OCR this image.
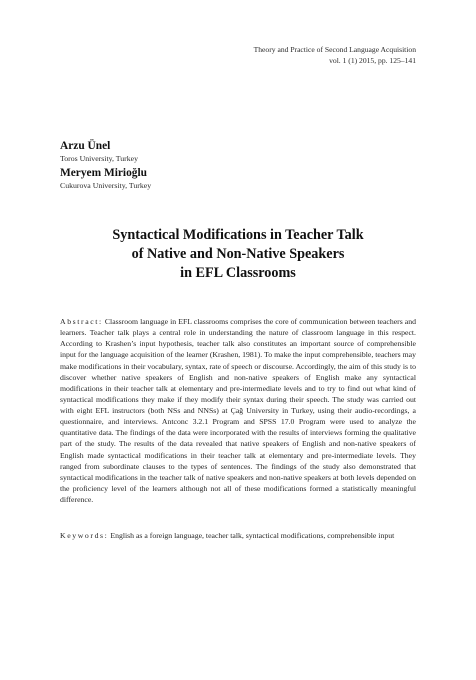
Theory and Practice of Second Language Acquisition
vol. 1 (1) 2015, pp. 125–141
Arzu Ünel
Toros University, Turkey
Meryem Mirioğlu
Cukurova University, Turkey
Syntactical Modifications in Teacher Talk
of Native and Non-Native Speakers
in EFL Classrooms
Abstract: Classroom language in EFL classrooms comprises the core of communication between teachers and learners. Teacher talk plays a central role in understanding the nature of classroom language in this respect. According to Krashen’s input hypothesis, teacher talk also constitutes an important source of comprehensible input for the language acquisition of the learner (Krashen, 1981). To make the input comprehensible, teachers may make modifications in their vocabulary, syntax, rate of speech or discourse. Accordingly, the aim of this study is to discover whether native speakers of English and non-native speakers of English make any syntactical modifications in their teacher talk at elementary and pre-intermediate levels and to try to find out what kind of syntactical modifications they make if they modify their syntax during their speech. The study was carried out with eight EFL instructors (both NSs and NNSs) at Çağ University in Turkey, using their audio-recordings, a questionnaire, and interviews. Antconc 3.2.1 Program and SPSS 17.0 Program were used to analyze the quantitative data. The findings of the data were incorporated with the results of interviews forming the qualitative part of the study. The results of the data revealed that native speakers of English and non-native speakers of English made syntactical modifications in their teacher talk at elementary and pre-intermediate levels. They ranged from subordinate clauses to the types of sentences. The findings of the study also demonstrated that syntactical modifications in the teacher talk of native speakers and non-native speakers at both levels depended on the proficiency level of the learners although not all of these modifications formed a statistically meaningful difference.
Keywords: English as a foreign language, teacher talk, syntactical modifications, comprehensible input
